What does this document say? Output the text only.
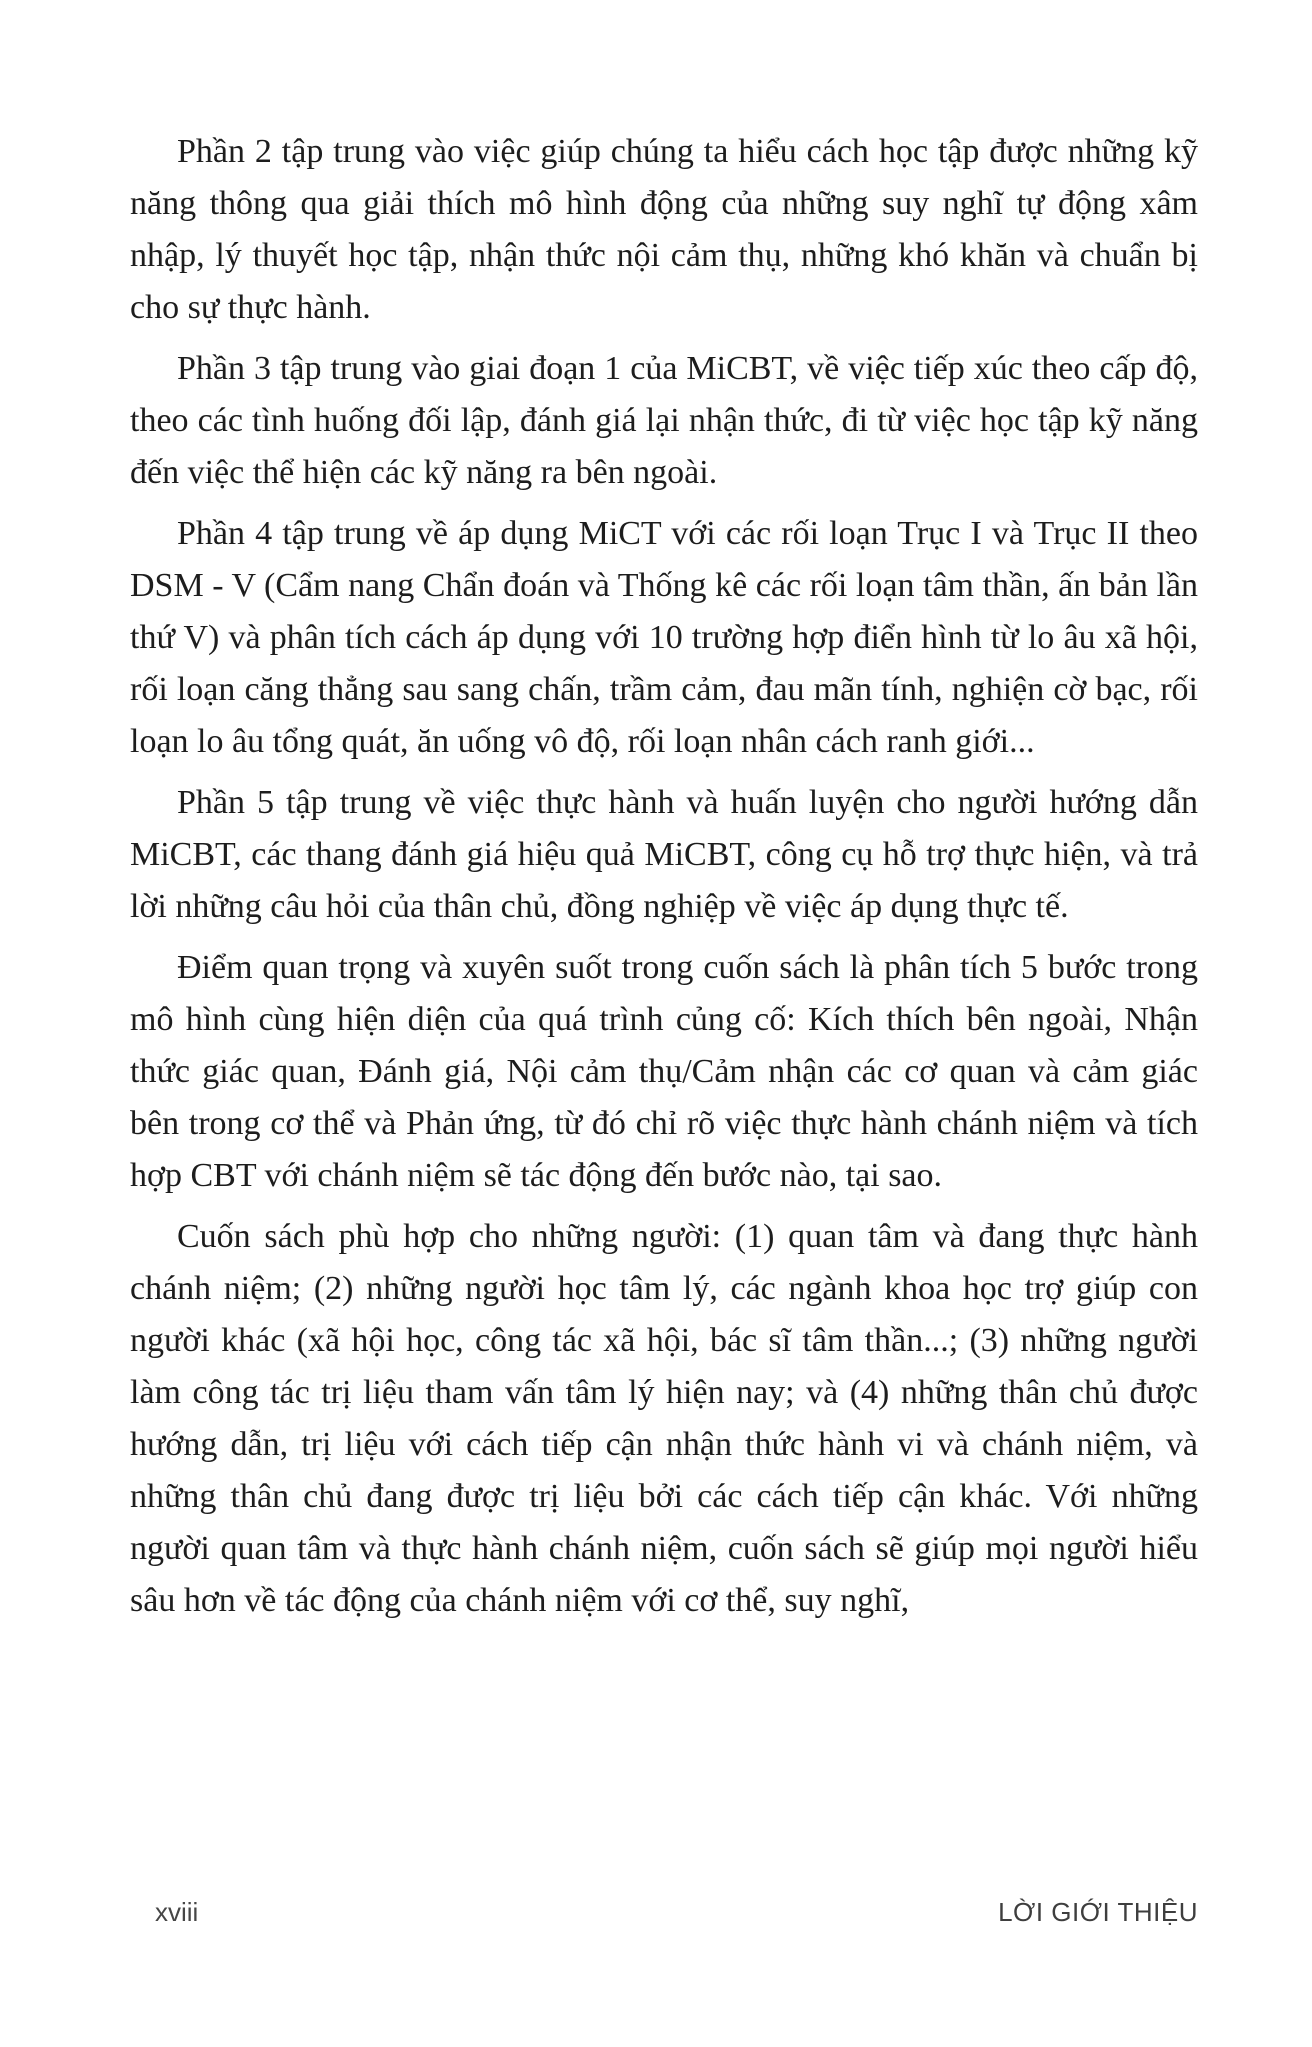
Phần 2 tập trung vào việc giúp chúng ta hiểu cách học tập được những kỹ năng thông qua giải thích mô hình động của những suy nghĩ tự động xâm nhập, lý thuyết học tập, nhận thức nội cảm thụ, những khó khăn và chuẩn bị cho sự thực hành.

Phần 3 tập trung vào giai đoạn 1 của MiCBT, về việc tiếp xúc theo cấp độ, theo các tình huống đối lập, đánh giá lại nhận thức, đi từ việc học tập kỹ năng đến việc thể hiện các kỹ năng ra bên ngoài.

Phần 4 tập trung về áp dụng MiCT với các rối loạn Trục I và Trục II theo DSM - V (Cẩm nang Chẩn đoán và Thống kê các rối loạn tâm thần, ấn bản lần thứ V) và phân tích cách áp dụng với 10 trường hợp điển hình từ lo âu xã hội, rối loạn căng thẳng sau sang chấn, trầm cảm, đau mãn tính, nghiện cờ bạc, rối loạn lo âu tổng quát, ăn uống vô độ, rối loạn nhân cách ranh giới...

Phần 5 tập trung về việc thực hành và huấn luyện cho người hướng dẫn MiCBT, các thang đánh giá hiệu quả MiCBT, công cụ hỗ trợ thực hiện, và trả lời những câu hỏi của thân chủ, đồng nghiệp về việc áp dụng thực tế.

Điểm quan trọng và xuyên suốt trong cuốn sách là phân tích 5 bước trong mô hình cùng hiện diện của quá trình củng cố: Kích thích bên ngoài, Nhận thức giác quan, Đánh giá, Nội cảm thụ/Cảm nhận các cơ quan và cảm giác bên trong cơ thể và Phản ứng, từ đó chỉ rõ việc thực hành chánh niệm và tích hợp CBT với chánh niệm sẽ tác động đến bước nào, tại sao.

Cuốn sách phù hợp cho những người: (1) quan tâm và đang thực hành chánh niệm; (2) những người học tâm lý, các ngành khoa học trợ giúp con người khác (xã hội học, công tác xã hội, bác sĩ tâm thần...; (3) những người làm công tác trị liệu tham vấn tâm lý hiện nay; và (4) những thân chủ được hướng dẫn, trị liệu với cách tiếp cận nhận thức hành vi và chánh niệm, và những thân chủ đang được trị liệu bởi các cách tiếp cận khác. Với những người quan tâm và thực hành chánh niệm, cuốn sách sẽ giúp mọi người hiểu sâu hơn về tác động của chánh niệm với cơ thể, suy nghĩ,

xviii	LỜI GIỚI THIỆU
